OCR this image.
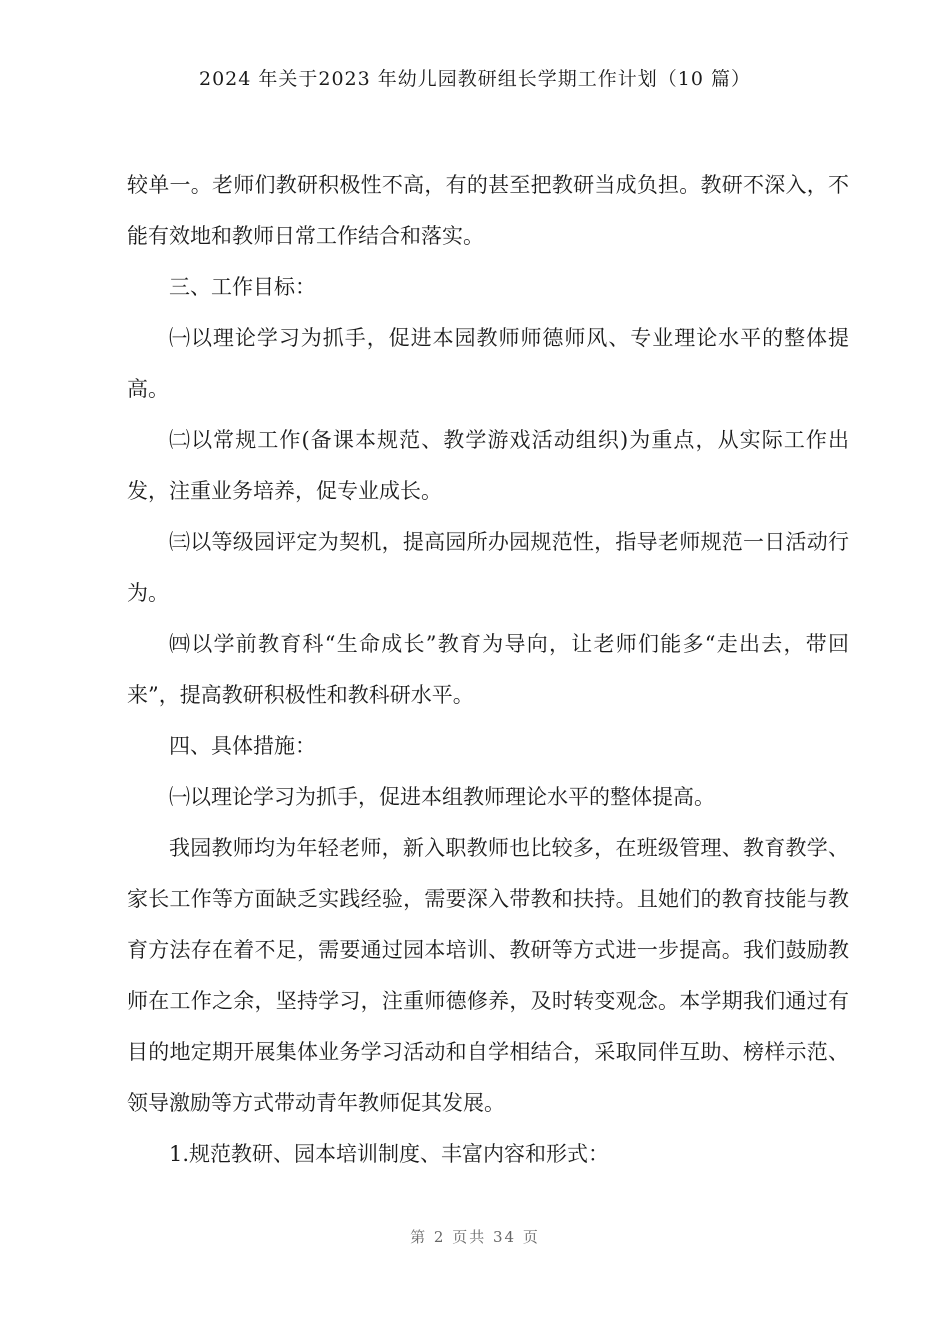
2024 年关于2023 年幼儿园教研组长学期工作计划（10 篇）

较单一。老师们教研积极性不高，有的甚至把教研当成负担。教研不深入，不能有效地和教师日常工作结合和落实。

三、工作目标：

㈠以理论学习为抓手，促进本园教师师德师风、专业理论水平的整体提高。

㈡以常规工作(备课本规范、教学游戏活动组织)为重点，从实际工作出发，注重业务培养，促专业成长。

㈢以等级园评定为契机，提高园所办园规范性，指导老师规范一日活动行为。

㈣以学前教育科“生命成长”教育为导向，让老师们能多“走出去，带回来”，提高教研积极性和教科研水平。

四、具体措施：

㈠以理论学习为抓手，促进本组教师理论水平的整体提高。

我园教师均为年轻老师，新入职教师也比较多，在班级管理、教育教学、家长工作等方面缺乏实践经验，需要深入带教和扶持。且她们的教育技能与教育方法存在着不足，需要通过园本培训、教研等方式进一步提高。我们鼓励教师在工作之余，坚持学习，注重师德修养，及时转变观念。本学期我们通过有目的地定期开展集体业务学习活动和自学相结合，采取同伴互助、榜样示范、领导激励等方式带动青年教师促其发展。

1.规范教研、园本培训制度、丰富内容和形式：

第 2 页共 34 页
